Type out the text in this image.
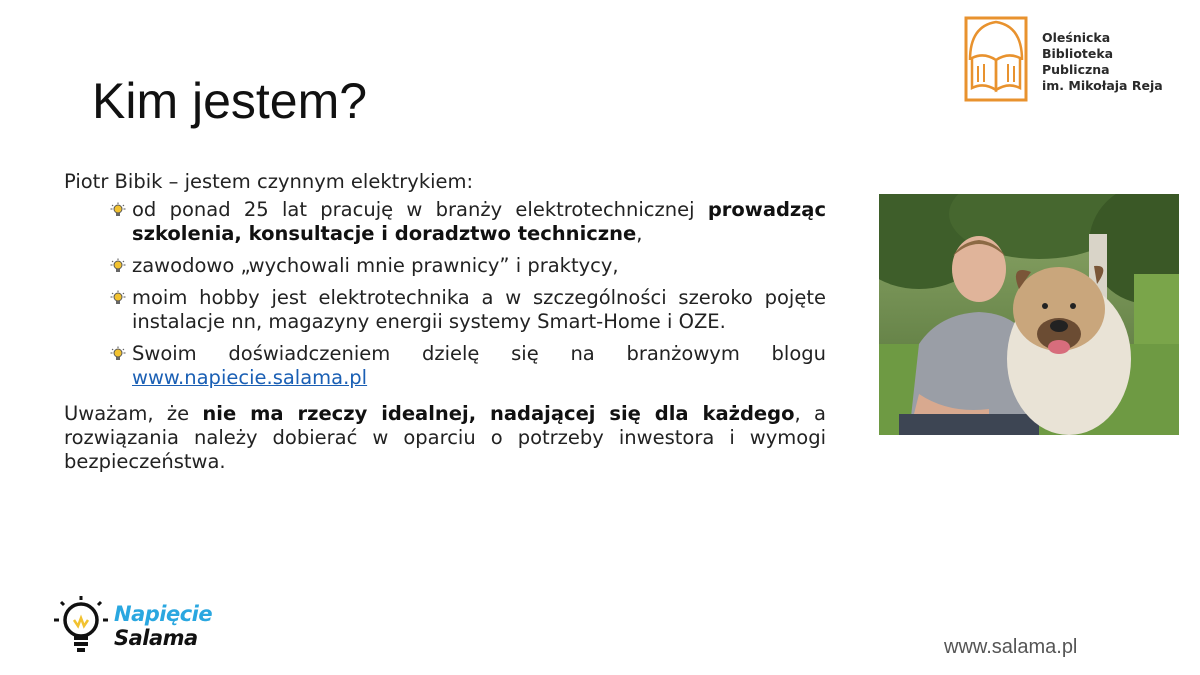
Kim jestem?
Oleśnicka
Biblioteka
Publiczna
im. Mikołaja Reja

Piotr Bibik – jestem czynnym elektrykiem:

od ponad 25 lat pracuję w branży elektrotechnicznej prowadząc szkolenia, konsultacje i doradztwo techniczne,
zawodowo „wychowali mnie prawnicy” i praktycy,
moim hobby jest elektrotechnika a w szczególności szeroko pojęte instalacje nn, magazyny energii systemy Smart-Home i OZE.
Swoim doświadczeniem dzielę się na branżowym blogu www.napiecie.salama.pl

Uważam, że nie ma rzeczy idealnej, nadającej się dla każdego, a rozwiązania należy dobierać w oparciu o potrzeby inwestora i wymogi bezpieczeństwa.

Napięcie
Salama	www.salama.pl
